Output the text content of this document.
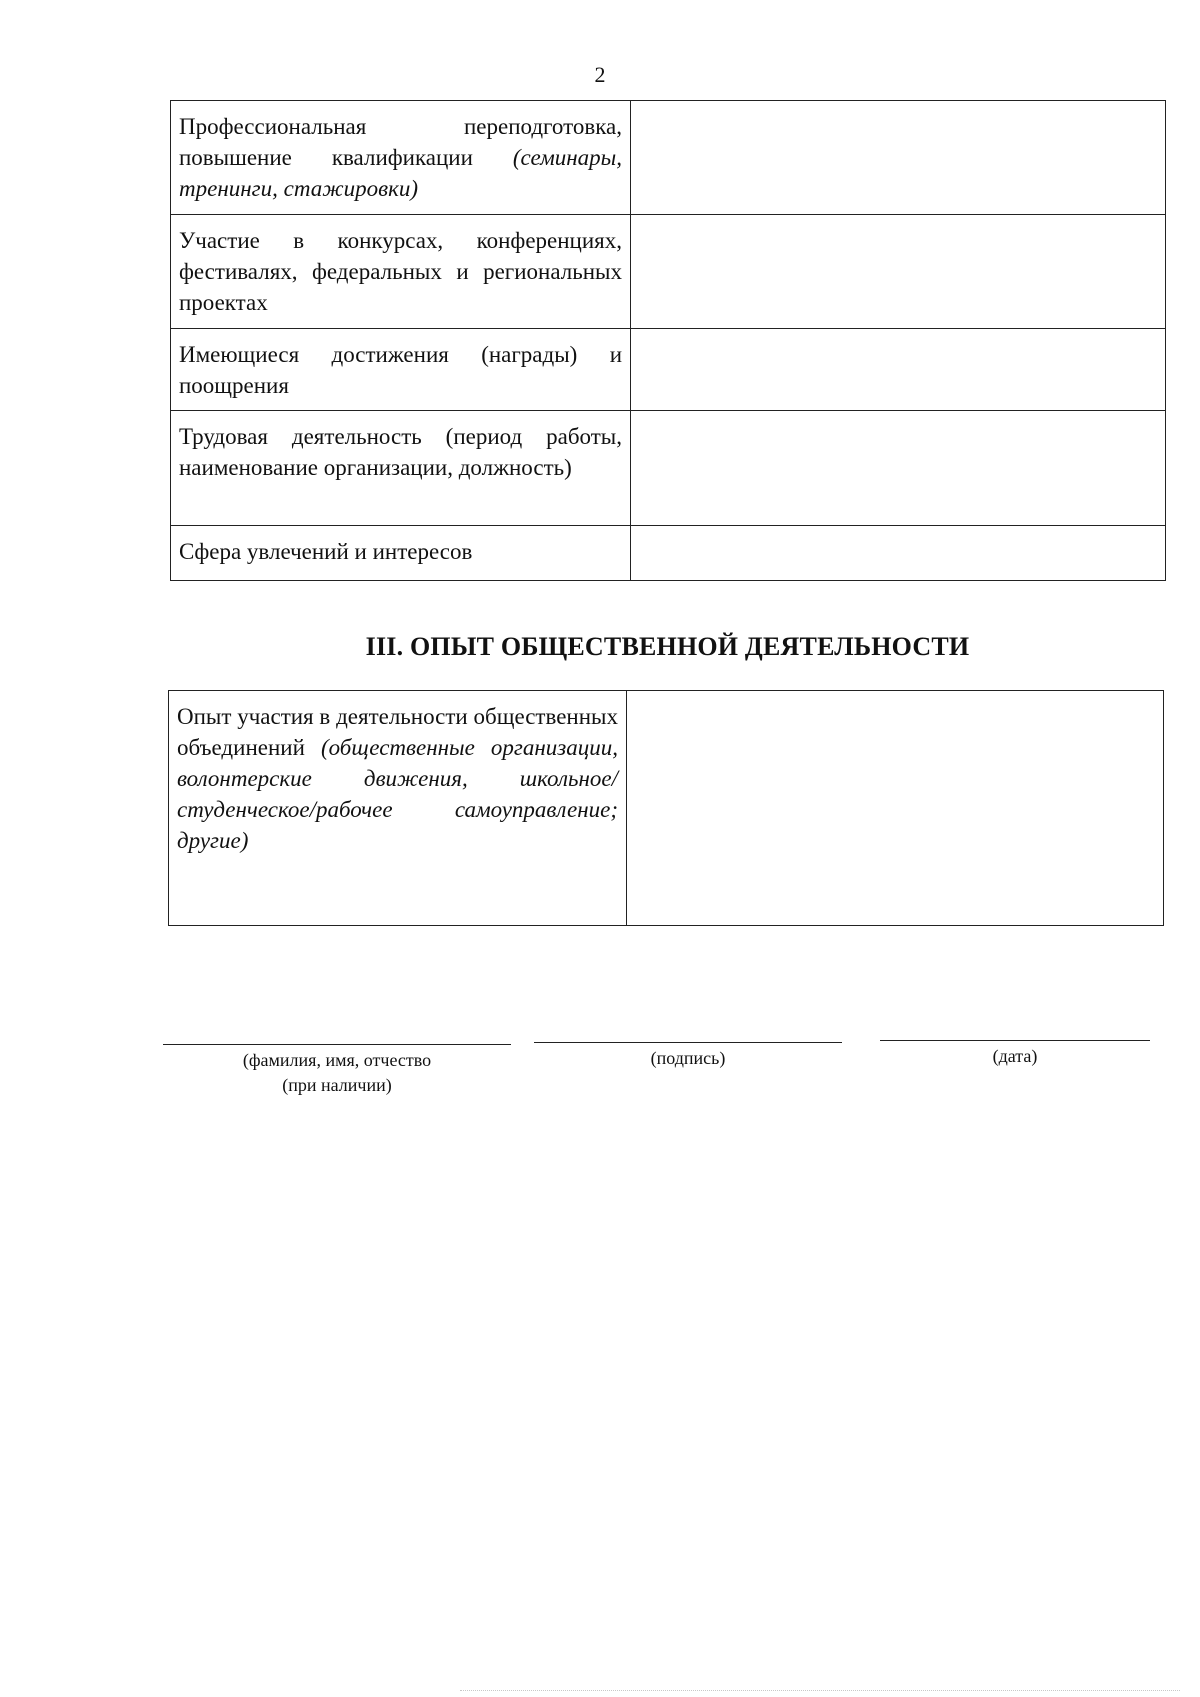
2
Профессиональная переподготовка, повышение квалификации (семинары, тренинги, стажировки)	
Участие в конкурсах, конференциях, фестивалях, федеральных и региональных проектах	
Имеющиеся достижения (награды) и поощрения	
Трудовая деятельность (период работы, наименование организации, должность)	
Сфера увлечений и интересов	
III. ОПЫТ ОБЩЕСТВЕННОЙ ДЕЯТЕЛЬНОСТИ
Опыт участия в деятельности общественных объединений (общественные организации, волонтерские движения, школьное/студенческое/рабочее самоуправление; другие)	
(фамилия, имя, отчество
(при наличии)
(подпись)	(дата)
